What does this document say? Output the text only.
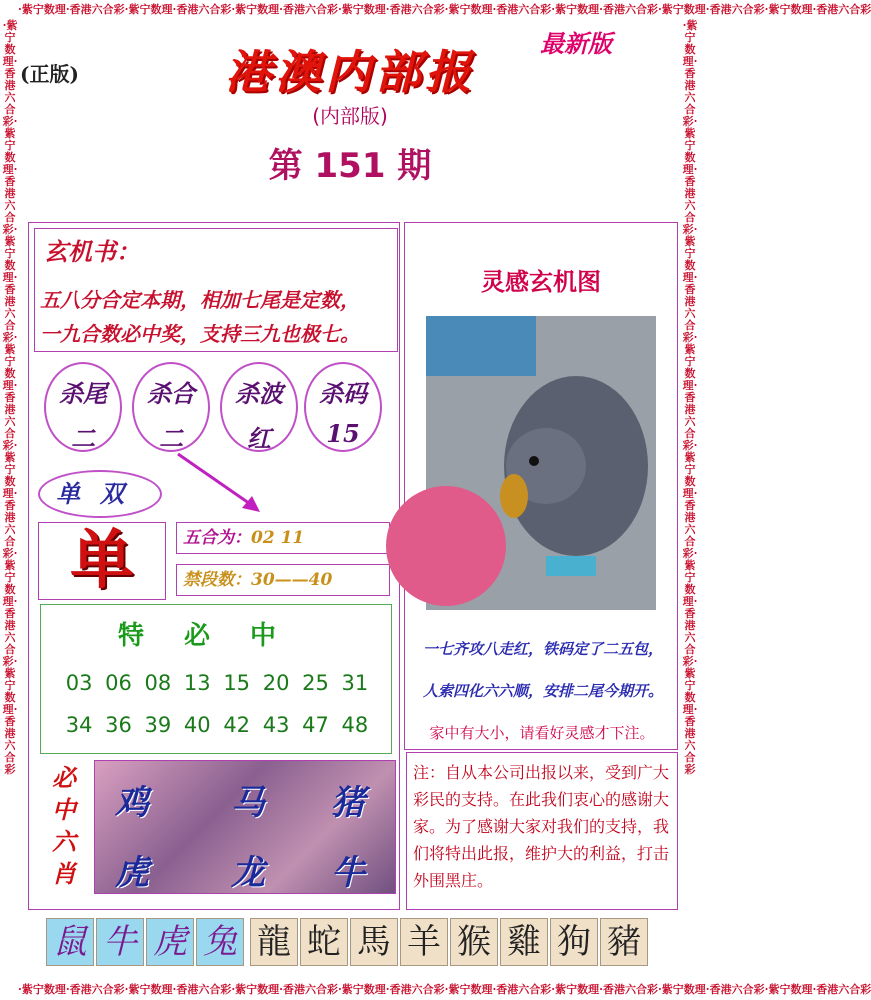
·紫宁数理·香港六合彩·紫宁数理·香港六合彩·紫宁数理·香港六合彩·紫宁数理·香港六合彩·紫宁数理·香港六合彩·紫宁数理·香港六合彩·紫宁数理·香港六合彩·紫宁数理·香港六合彩
·紫宁数理·香港六合彩·紫宁数理·香港六合彩·紫宁数理·香港六合彩·紫宁数理·香港六合彩·紫宁数理·香港六合彩·紫宁数理·香港六合彩·紫宁数理·香港六合彩·紫宁数理·香港六合彩
·紫宁数理·香港六合彩·紫宁数理·香港六合彩·紫宁数理·香港六合彩·紫宁数理·香港六合彩·紫宁数理·香港六合彩·紫宁数理·香港六合彩·紫宁数理·香港六合彩
·紫宁数理·香港六合彩·紫宁数理·香港六合彩·紫宁数理·香港六合彩·紫宁数理·香港六合彩·紫宁数理·香港六合彩·紫宁数理·香港六合彩·紫宁数理·香港六合彩
(正版)
最新版
港澳内部报
(内部版)
第 151 期
玄机书：
五八分合定本期，相加七尾是定数，
一九合数必中奖，支持三九也极七。
杀尾
二
杀合
二
杀波
红
杀码
15
单双
单	五合为：02 11
禁段数：30——40
特必中
03 06 08 13 15 20 25 31
34 36 39 40 42 43 47 48
必
中
六
肖
鸡 马 猪
虎 龙 牛
灵感玄机图
一七齐攻八走红，铁码定了二五包，
人索四化六六顺，安排二尾今期开。
家中有大小，请看好灵感才下注。
注：自从本公司出报以来，受到广大彩民的支持。在此我们衷心的感谢大家。为了感谢大家对我们的支持，我们将特出此报，维护大的利益，打击外围黑庄。
鼠 牛 虎 兔 龍 蛇 馬 羊 猴 雞 狗 豬
